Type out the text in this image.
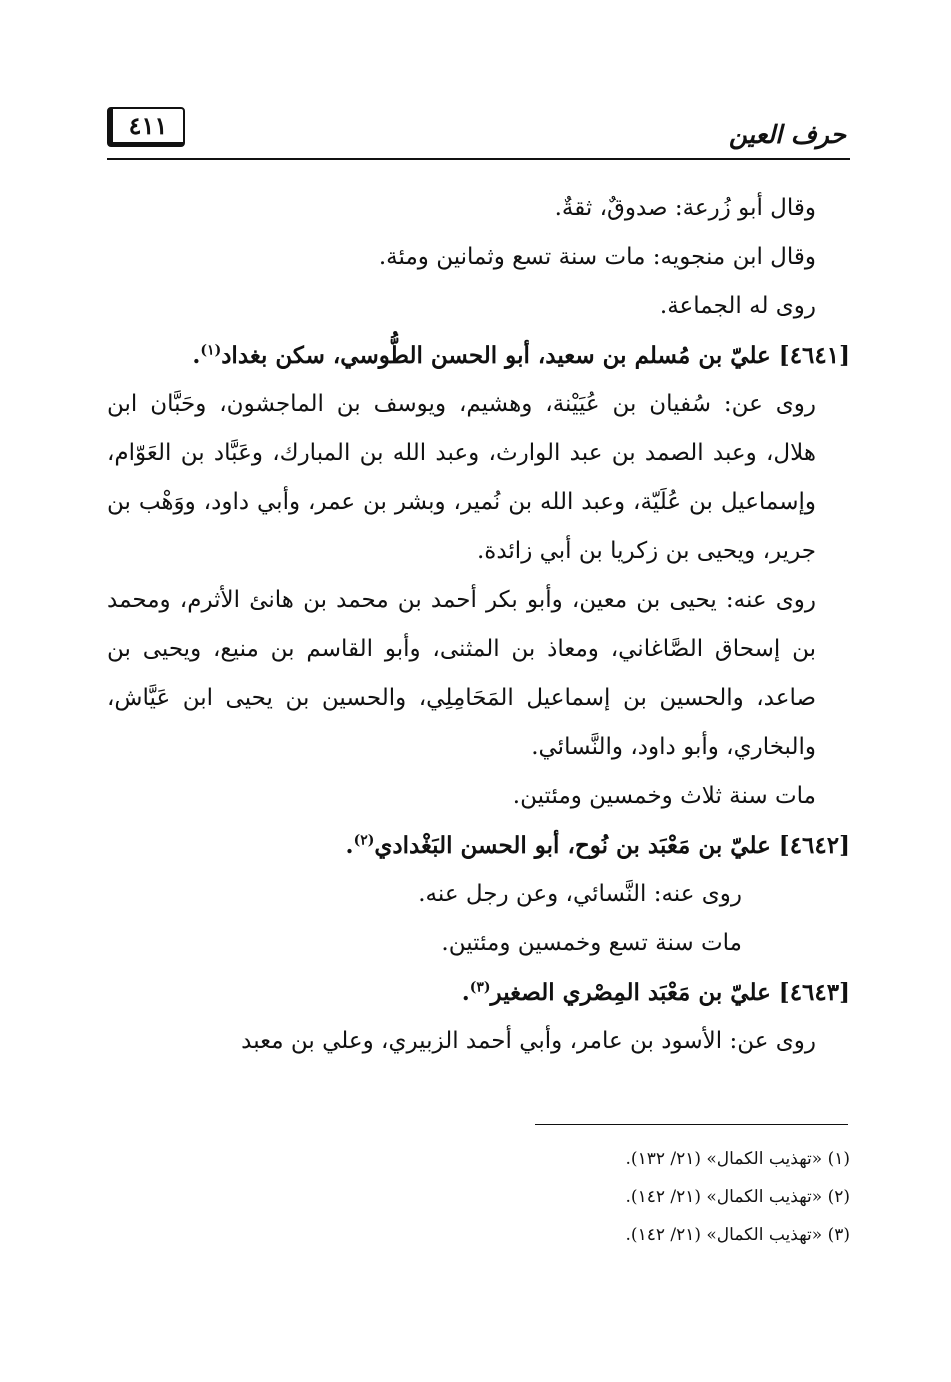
٤١١	حرف العين

وقال أبو زُرعة: صدوقٌ، ثقةٌ.

وقال ابن منجويه: مات سنة تسع وثمانين ومئة.

روى له الجماعة.

[٤٦٤١] عليّ بن مُسلم بن سعيد، أبو الحسن الطُّوسي، سكن بغداد$^{(١)}$.

روى عن: سُفيان بن عُيَيْنة، وهشيم، ويوسف بن الماجشون، وحَبَّان ابن هلال، وعبد الصمد بن عبد الوارث، وعبد الله بن المبارك، وعَبَّاد بن العَوّام، وإسماعيل بن عُلَيّة، وعبد الله بن نُمير، وبشر بن عمر، وأبي داود، ووَهْب بن جرير، ويحيى بن زكريا بن أبي زائدة.

روى عنه: يحيى بن معين، وأبو بكر أحمد بن محمد بن هانئ الأثرم، ومحمد بن إسحاق الصَّاغاني، ومعاذ بن المثنى، وأبو القاسم بن منيع، ويحيى بن صاعد، والحسين بن إسماعيل المَحَامِلِي، والحسين بن يحيى ابن عَيَّاش، والبخاري، وأبو داود، والنَّسائي.

مات سنة ثلاث وخمسين ومئتين.

[٤٦٤٢] عليّ بن مَعْبَد بن نُوح، أبو الحسن البَغْدادي$^{(٢)}$.

روى عنه: النَّسائي، وعن رجل عنه.

مات سنة تسع وخمسين ومئتين.

[٤٦٤٣] عليّ بن مَعْبَد المِصْري الصغير$^{(٣)}$.

روى عن: الأسود بن عامر، وأبي أحمد الزبيري، وعلي بن معبد

(١) «تهذيب الكمال» (٢١/ ١٣٢).

(٢) «تهذيب الكمال» (٢١/ ١٤٢).

(٣) «تهذيب الكمال» (٢١/ ١٤٢).
